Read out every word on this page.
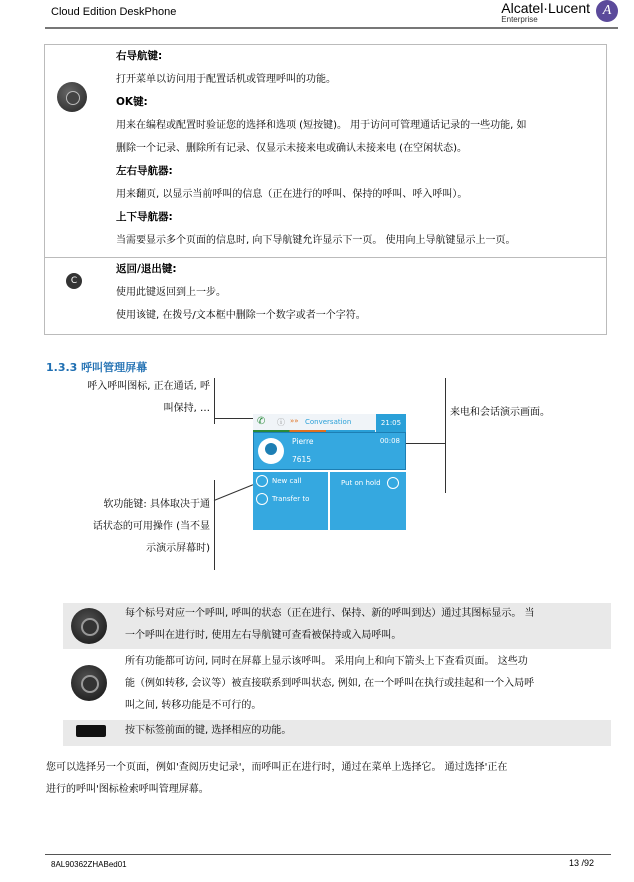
Cloud Edition DeskPhone	Alcatel·Lucent
Enterprise
A
右导航键:
打开菜单以访问用于配置话机或管理呼叫的功能。
OK键:
用来在编程或配置时验证您的选择和选项 (短按键)。 用于访问可管理通话记录的一些功能, 如
删除一个记录、删除所有记录、仅显示未接来电或确认未接来电 (在空闲状态)。
左右导航器:
用来翻页, 以显示当前呼叫的信息（正在进行的呼叫、保持的呼叫、呼入呼叫）。
上下导航器:
当需要显示多个页面的信息时, 向下导航键允许显示下一页。 使用向上导航键显示上一页。
C
返回/退出键:
使用此键返回到上一步。
使用该键, 在拨号/文本框中删除一个数字或者一个字符。
1.3.3 呼叫管理屏幕
呼入呼叫图标, 正在通话, 呼
叫保持, …	来电和会话演示画面。
软功能键: 具体取决于通
话状态的可用操作 (当不显
示演示屏幕时)
✆ ⓘ »» Conversation	21:05
Pierre
7615
00:08
New call
Transfer to
Put on hold
每个标号对应一个呼叫, 呼叫的状态（正在进行、保持、新的呼叫到达）通过其图标显示。 当
一个呼叫在进行时, 使用左右导航键可查看被保持或入局呼叫。
所有功能都可访问, 同时在屏幕上显示该呼叫。 采用向上和向下箭头上下查看页面。 这些功
能（例如转移, 会议等）被直接联系到呼叫状态, 例如, 在一个呼叫在执行或挂起和一个入局呼
叫之间, 转移功能是不可行的。
按下标签前面的键, 选择相应的功能。
您可以选择另一个页面，例如'查阅历史记录'，而呼叫正在进行时，通过在菜单上选择它。 通过选择'正在
进行的呼叫'图标检索呼叫管理屏幕。
8AL90362ZHABed01	13 /92
